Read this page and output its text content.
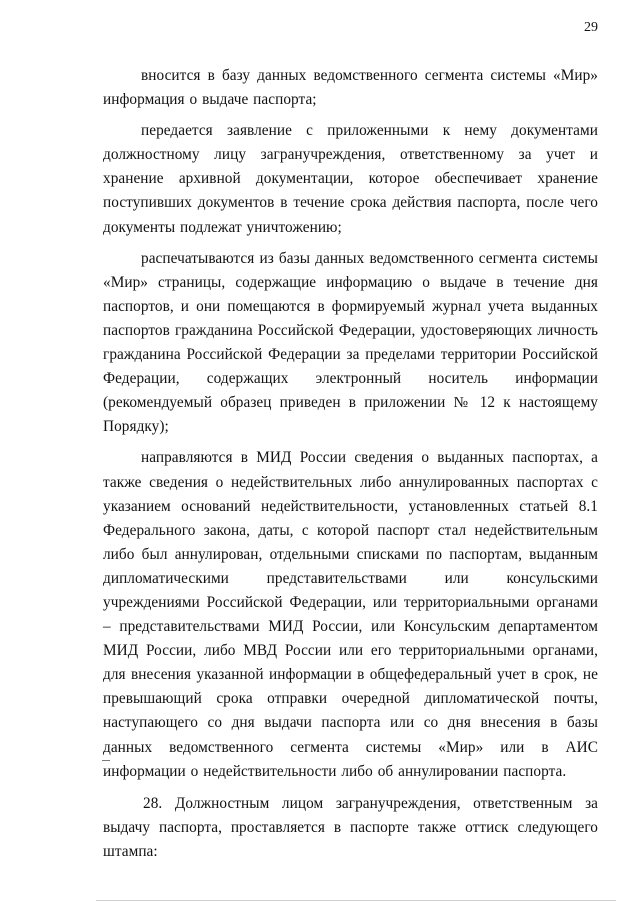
29

вносится в базу данных ведомственного сегмента системы «Мир» информация о выдаче паспорта;

передается заявление с приложенными к нему документами должностному лицу загранучреждения, ответственному за учет и хранение архивной документации, которое обеспечивает хранение поступивших документов в течение срока действия паспорта, после чего документы подлежат уничтожению;

распечатываются из базы данных ведомственного сегмента системы «Мир» страницы, содержащие информацию о выдаче в течение дня паспортов, и они помещаются в формируемый журнал учета выданных паспортов гражданина Российской Федерации, удостоверяющих личность гражданина Российской Федерации за пределами территории Российской Федерации, содержащих электронный носитель информации (рекомендуемый образец приведен в приложении № 12 к настоящему Порядку);

направляются в МИД России сведения о выданных паспортах, а также сведения о недействительных либо аннулированных паспортах с указанием оснований недействительности, установленных статьей 8.1 Федерального закона, даты, с которой паспорт стал недействительным либо был аннулирован, отдельными списками по паспортам, выданным дипломатическими представительствами или консульскими учреждениями Российской Федерации, или территориальными органами – представительствами МИД России, или Консульским департаментом МИД России, либо МВД России или его территориальными органами, для внесения указанной информации в общефедеральный учет в срок, не превышающий срока отправки очередной дипломатической почты, наступающего со дня выдачи паспорта или со дня внесения в базы данных ведомственного сегмента системы «Мир» или в АИС информации о недействительности либо об аннулировании паспорта.

28. Должностным лицом загранучреждения, ответственным за выдачу паспорта, проставляется в паспорте также оттиск следующего штампа:
